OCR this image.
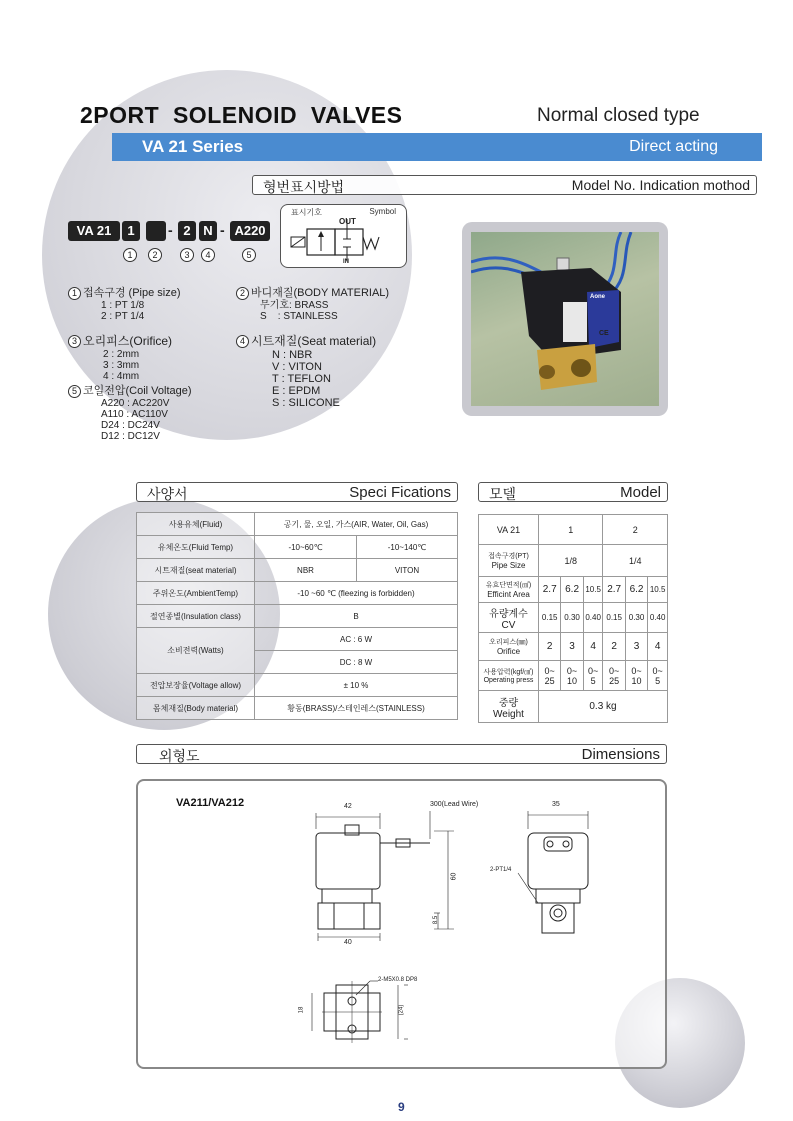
2PORT  SOLENOID  VALVES	Normal closed type
VA 21 Series	Direct acting
형번표시방법	Model No. Indication mothod
VA 21	1	- 2 N - A220
1	2	3	4	5
표시기호	Symbol
OUT
IN
1 접속구경 (Pipe size)
1 : PT 1/8
2 : PT 1/4
2 바디재질(BODY MATERIAL)
무기호: BRASS
S    : STAINLESS
3 오리피스(Orifice)
2 : 2mm
3 : 3mm
4 : 4mm
4 시트재질(Seat material)
N : NBR
V : VITON
T : TEFLON
E : EPDM
S : SILICONE
5 코일전압(Coil Voltage)
A220 : AC220V
A110 : AC110V
D24 : DC24V
D12 : DC12V
Aone
CE
사양서	Speci Fications
사용유체(Fluid)	공기, 물, 오일, 가스(AIR, Water, Oil, Gas)	
유체온도(Fluid Temp)	-10~60℃	-10~140℃
시트재질(seat material)	NBR	VITON
주위온도(AmbientTemp)	-10 ~60 ℃ (fleezing is forbidden)	
절연종별(Insulation class)	B	
소비전력(Watts)	AC : 6 W	
	DC : 8 W	
전압보장율(Voltage allow)	± 10 %	
몸체재질(Body material)	황동(BRASS)/스테인레스(STAINLESS)	
모델	Model
VA 21	1			2		

접속구경(PT)
Pipe Size	1/8			1/4		

유효단면적(㎠)
Efficint Area	2.7	6.2	10.5	2.7	6.2	10.5

유량계수
CV	0.15	0.30	0.40	0.15	0.30	0.40

오리피스(㎜)
Orifice	2	3	4	2	3	4

사용압력(kgf/㎠)
Operating press	0~ 25	0~ 10	0~ 5	0~ 25	0~ 10	0~ 5

중량
Weight	0.3 kg					
외형도	Dimensions
VA211/VA212	42	300(Lead Wire)	35
60
8.5
40
2-PT1/4
2-M5X0.8 DP8
18	(24)
9
